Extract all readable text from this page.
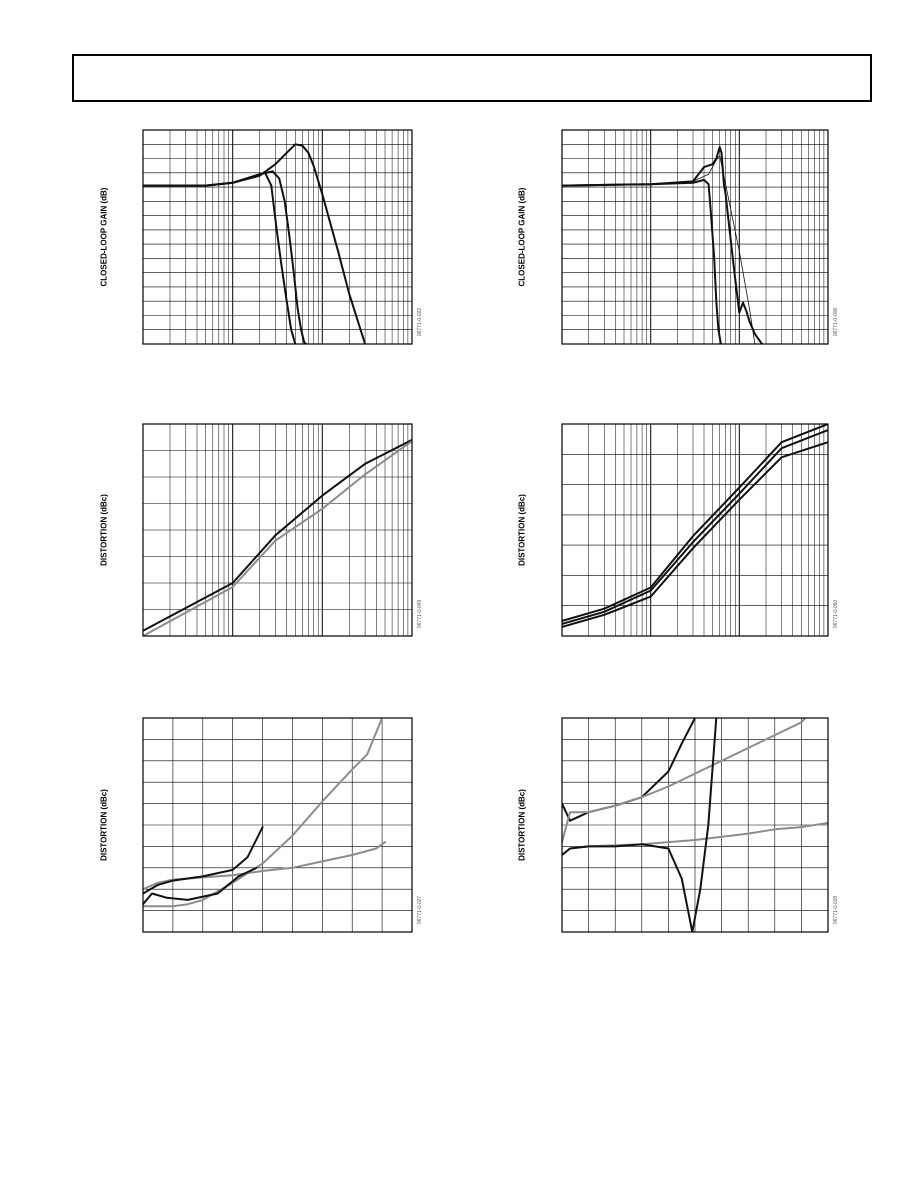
CLOSED-LOOP GAIN (dB)
06771-0-022
CLOSED-LOOP GAIN (dB)
06771-0-006
DISTORTION (dBc)
06771-0-049
DISTORTION (dBc)
06771-0-050
DISTORTION (dBc)
06771-0-027
DISTORTION (dBc)
06771-0-028
